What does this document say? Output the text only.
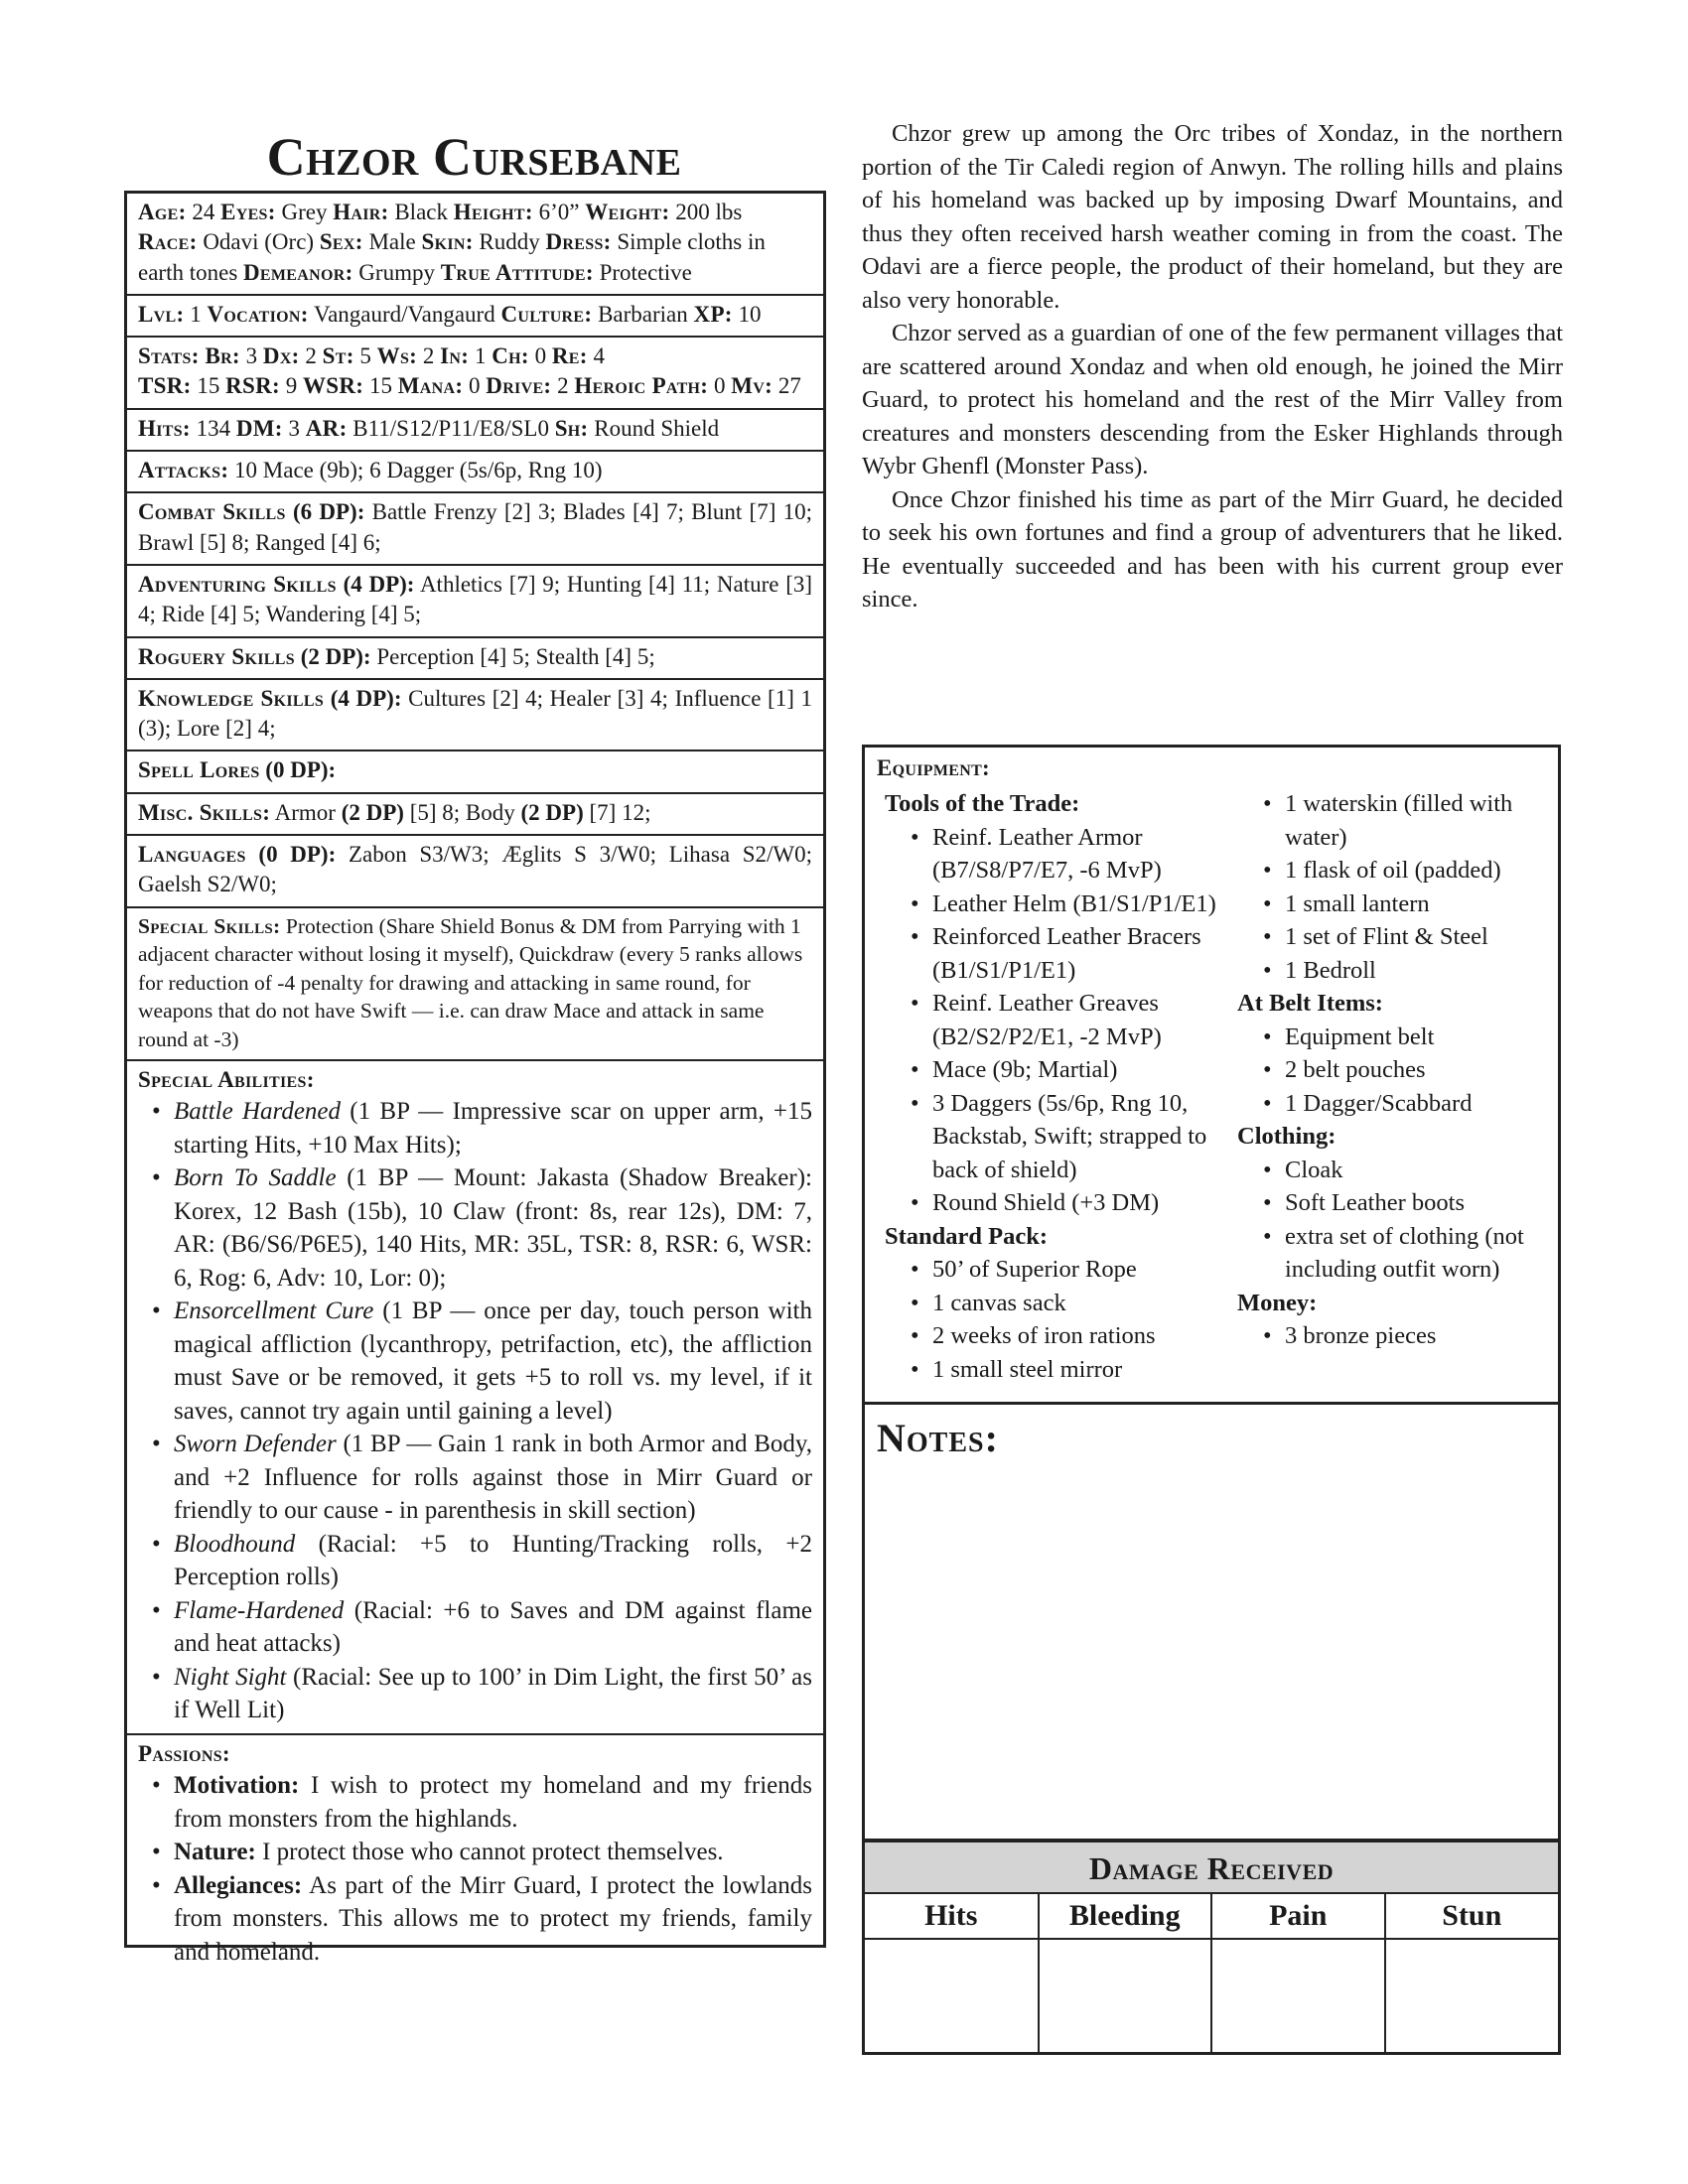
Chzor Cursebane
Age: 24 Eyes: Grey Hair: Black Height: 6’0” Weight: 200 lbs
Race: Odavi (Orc) Sex: Male Skin: Ruddy Dress: Simple cloths in earth tones Demeanor: Grumpy True Attitude: Protective
Lvl: 1 Vocation: Vangaurd/Vangaurd Culture: Barbarian XP: 10
Stats: Br: 3 Dx: 2 St: 5 Ws: 2 In: 1 Ch: 0 Re: 4
TSR: 15 RSR: 9 WSR: 15 Mana: 0 Drive: 2 Heroic Path: 0 Mv: 27
Hits: 134 DM: 3 AR: B11/S12/P11/E8/SL0 Sh: Round Shield
Attacks: 10 Mace (9b); 6 Dagger (5s/6p, Rng 10)
Combat Skills (6 DP): Battle Frenzy [2] 3; Blades [4] 7; Blunt [7] 10; Brawl [5] 8; Ranged [4] 6;
Adventuring Skills (4 DP): Athletics [7] 9; Hunting [4] 11; Nature [3] 4; Ride [4] 5; Wandering [4] 5;
Roguery Skills (2 DP): Perception [4] 5; Stealth [4] 5;
Knowledge Skills (4 DP): Cultures [2] 4; Healer [3] 4; Influence [1] 1 (3); Lore [2] 4;
Spell Lores (0 DP):
Misc. Skills: Armor (2 DP) [5] 8; Body (2 DP) [7] 12;
Languages (0 DP): Zabon S3/W3; Æglits S 3/W0; Lihasa S2/W0; Gaelsh S2/W0;
Special Skills: Protection (Share Shield Bonus & DM from Parrying with 1 adjacent character without losing it myself), Quickdraw (every 5 ranks allows for reduction of -4 penalty for drawing and attacking in same round, for weapons that do not have Swift — i.e. can draw Mace and attack in same round at -3)
Special Abilities:
• Battle Hardened (1 BP — Impressive scar on upper arm, +15 starting Hits, +10 Max Hits);
• Born To Saddle (1 BP — Mount: Jakasta (Shadow Breaker): Korex, 12 Bash (15b), 10 Claw (front: 8s, rear 12s), DM: 7, AR: (B6/S6/P6E5), 140 Hits, MR: 35L, TSR: 8, RSR: 6, WSR: 6, Rog: 6, Adv: 10, Lor: 0);
• Ensorcellment Cure (1 BP — once per day, touch person with magical affliction (lycanthropy, petrifaction, etc), the affliction must Save or be removed, it gets +5 to roll vs. my level, if it saves, cannot try again until gaining a level)
• Sworn Defender (1 BP — Gain 1 rank in both Armor and Body, and +2 Influence for rolls against those in Mirr Guard or friendly to our cause - in parenthesis in skill section)
• Bloodhound (Racial: +5 to Hunting/Tracking rolls, +2 Perception rolls)
• Flame-Hardened (Racial: +6 to Saves and DM against flame and heat attacks)
• Night Sight (Racial: See up to 100’ in Dim Light, the first 50’ as if Well Lit)
Passions:
• Motivation: I wish to protect my homeland and my friends from monsters from the highlands.
• Nature: I protect those who cannot protect themselves.
• Allegiances: As part of the Mirr Guard, I protect the lowlands from monsters. This allows me to protect my friends, family and homeland.

Chzor grew up among the Orc tribes of Xondaz, in the northern portion of the Tir Caledi region of Anwyn. The rolling hills and plains of his homeland was backed up by imposing Dwarf Mountains, and thus they often received harsh weather coming in from the coast. The Odavi are a fierce people, the product of their homeland, but they are also very honorable.

Chzor served as a guardian of one of the few permanent villages that are scattered around Xondaz and when old enough, he joined the Mirr Guard, to protect his homeland and the rest of the Mirr Valley from creatures and monsters descending from the Esker Highlands through Wybr Ghenfl (Monster Pass).

Once Chzor finished his time as part of the Mirr Guard, he decided to seek his own fortunes and find a group of adventurers that he liked. He eventually succeeded and has been with his current group ever since.

Equipment:
Tools of the Trade:
• Reinf. Leather Armor (B7/S8/P7/E7, -6 MvP)
• Leather Helm (B1/S1/P1/E1)
• Reinforced Leather Bracers (B1/S1/P1/E1)
• Reinf. Leather Greaves (B2/S2/P2/E1, -2 MvP)
• Mace (9b; Martial)
• 3 Daggers (5s/6p, Rng 10, Backstab, Swift; strapped to back of shield)
• Round Shield (+3 DM)
Standard Pack:
• 50’ of Superior Rope
• 1 canvas sack
• 2 weeks of iron rations
• 1 small steel mirror
• 1 waterskin (filled with water)
• 1 flask of oil (padded)
• 1 small lantern
• 1 set of Flint & Steel
• 1 Bedroll
At Belt Items:
• Equipment belt
• 2 belt pouches
• 1 Dagger/Scabbard
Clothing:
• Cloak
• Soft Leather boots
• extra set of clothing (not including outfit worn)
Money:
• 3 bronze pieces
Notes:
Damage Received
Hits	Bleeding	Pain	Stun
